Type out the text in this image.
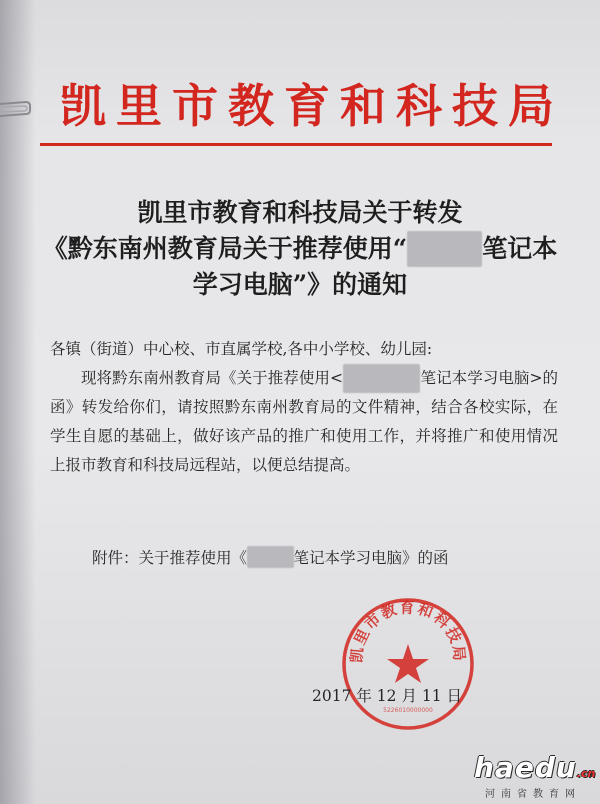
凯里市教育和科技局
凯里市教育和科技局关于转发
《黔东南州教育局关于推荐使用“	笔记本
学习电脑”》的通知

各镇（街道）中心校、市直属学校,各中小学校、幼儿园:

现将黔东南州教育局《关于推荐使用<	笔记本学习电脑>的函》转发给你们，请按照黔东南州教育局的文件精神，结合各校实际，在学生自愿的基础上，做好该产品的推广和使用工作，并将推广和使用情况上报市教育和科技局远程站，以便总结提高。

附件：关于推荐使用《	笔记本学习电脑》的函
凯里市教育和科技局
5226010000000
2017 年 12 月 11 日
haedu.cn
河南省教育网
